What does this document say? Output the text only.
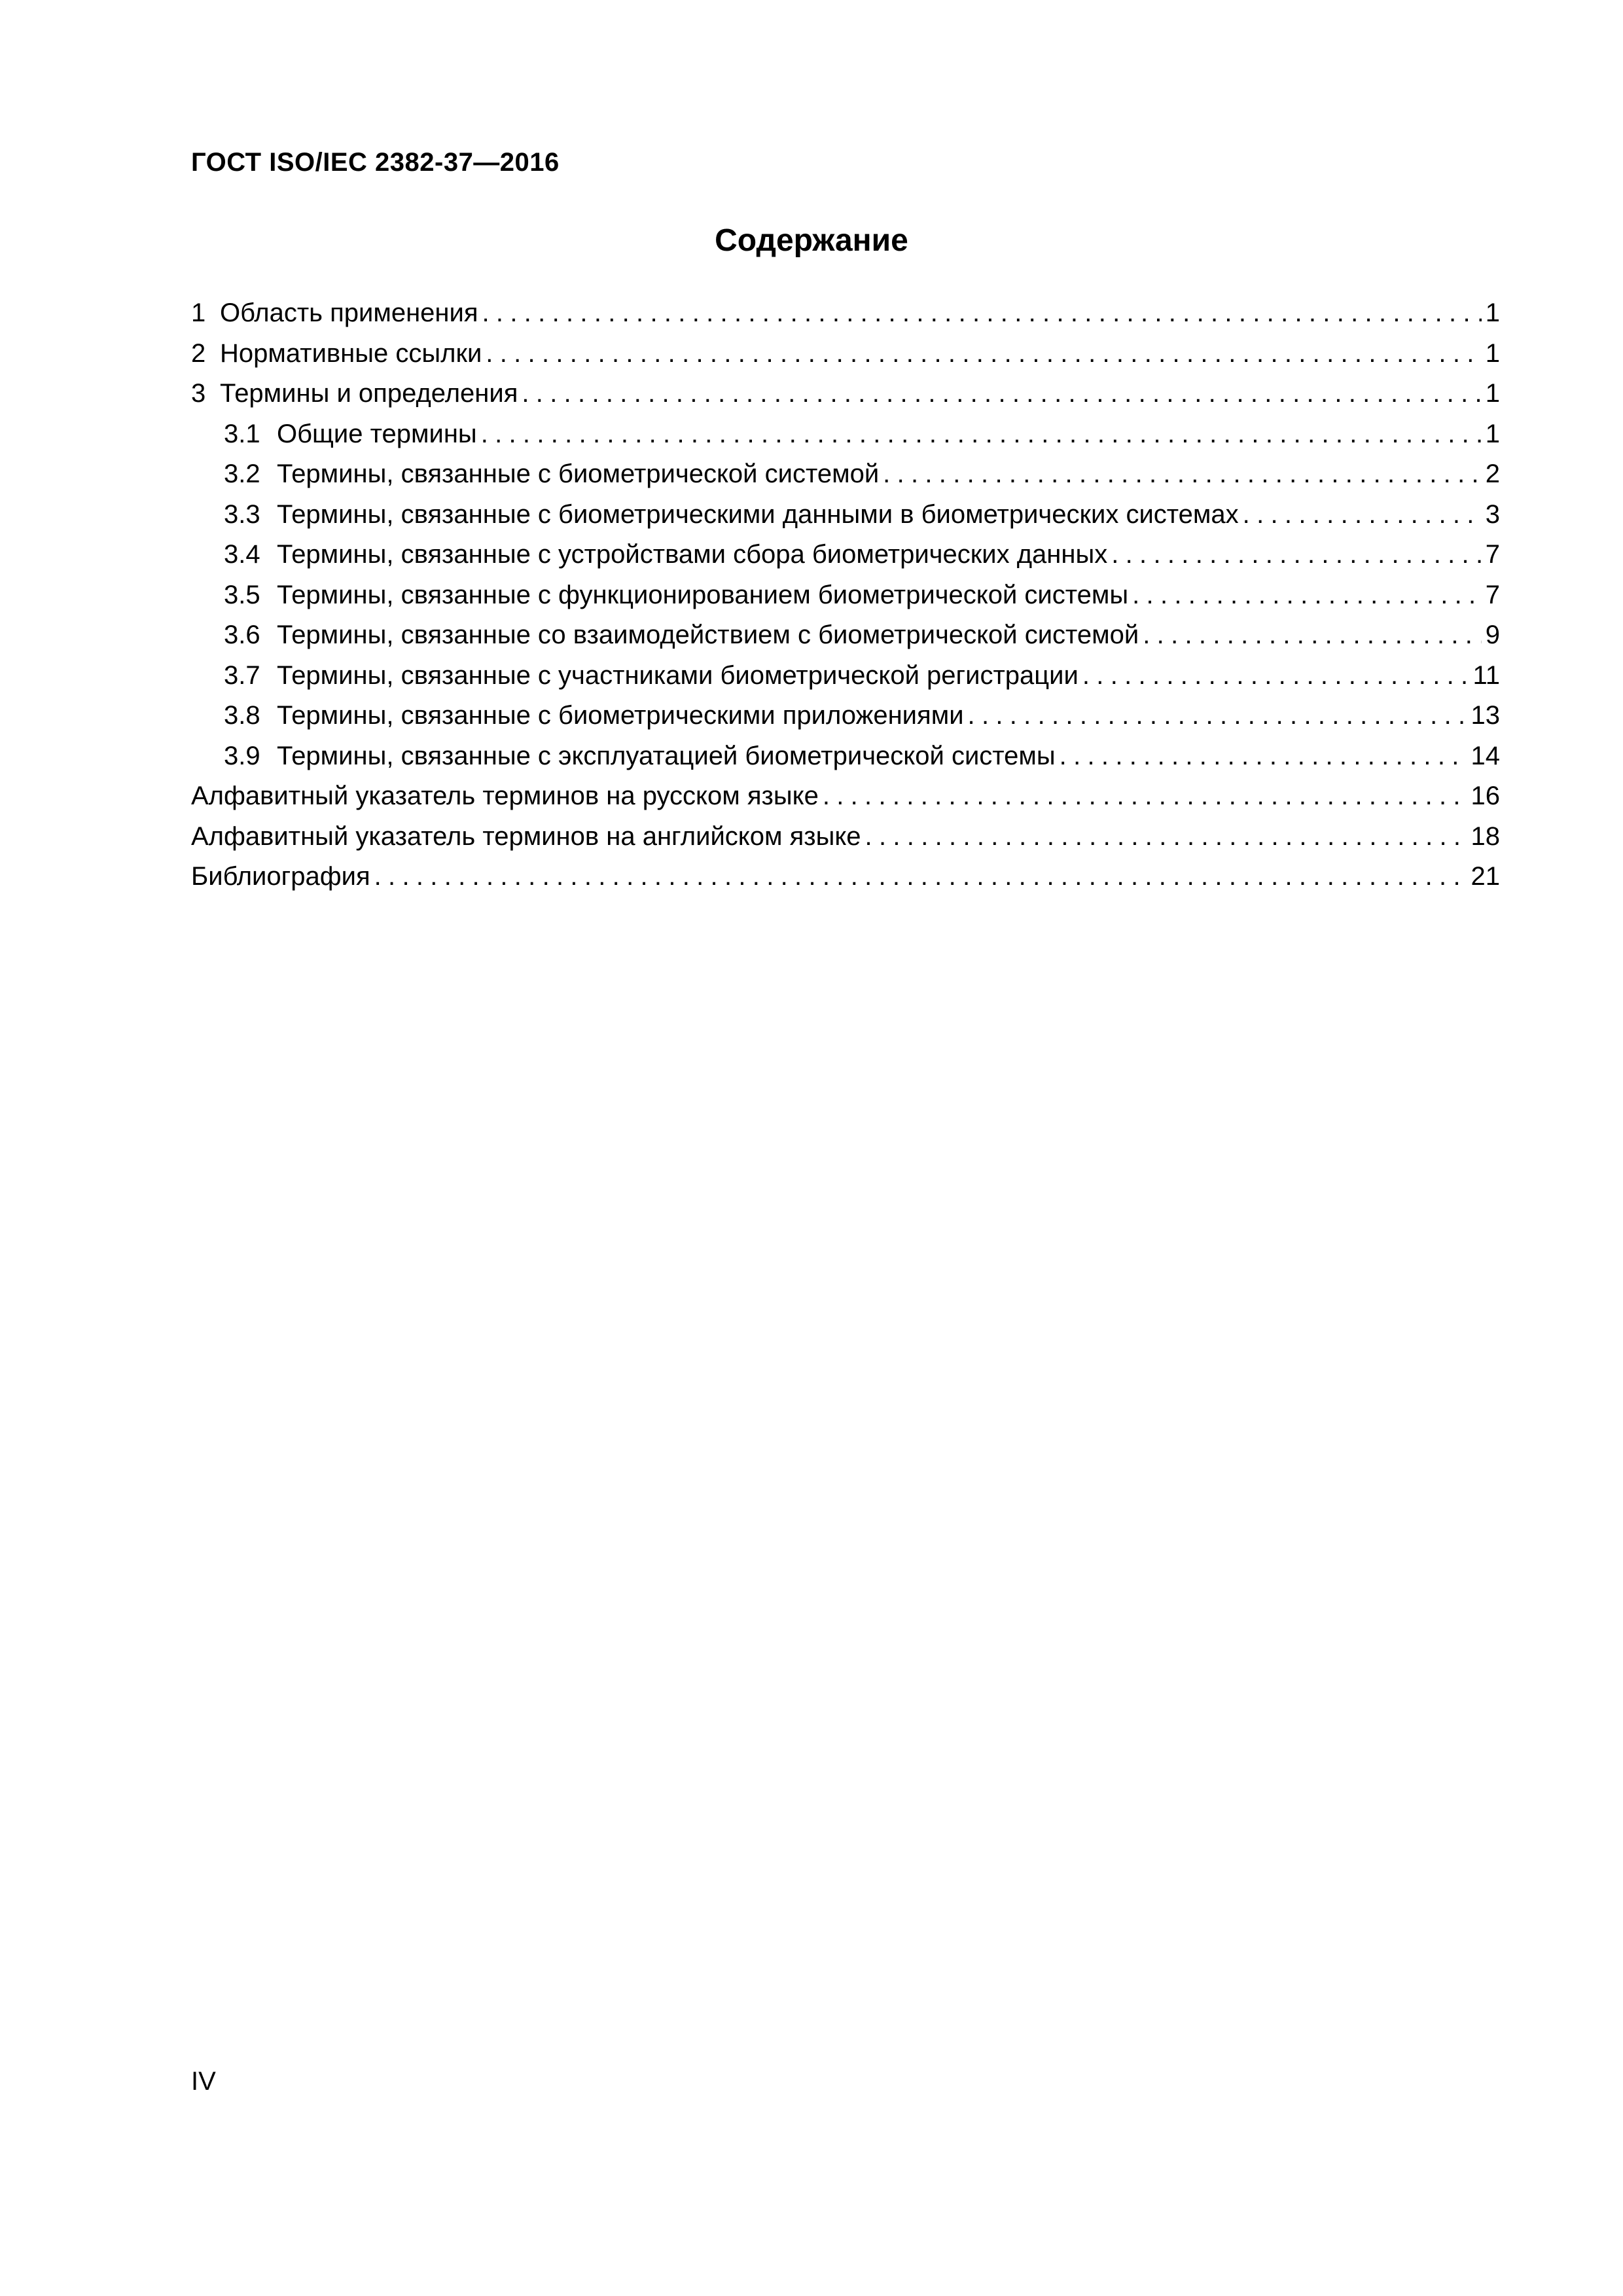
ГОСТ ISO/IEC 2382-37—2016
Содержание
1 Область применения .....	1
2 Нормативные ссылки .....	1
3 Термины и определения .....	1
3.1 Общие термины .....	1
3.2 Термины, связанные с биометрической системой .....	2
3.3 Термины, связанные с биометрическими данными в биометрических системах .....	3
3.4 Термины, связанные с устройствами сбора биометрических данных .....	7
3.5 Термины, связанные с функционированием биометрической системы .....	7
3.6 Термины, связанные со взаимодействием с биометрической системой .....	9
3.7 Термины, связанные с участниками биометрической регистрации .....	11
3.8 Термины, связанные с биометрическими приложениями .....	13
3.9 Термины, связанные с эксплуатацией биометрической системы .....	14
Алфавитный указатель терминов на русском языке .....	16
Алфавитный указатель терминов на английском языке .....	18
Библиография .....	21
IV
